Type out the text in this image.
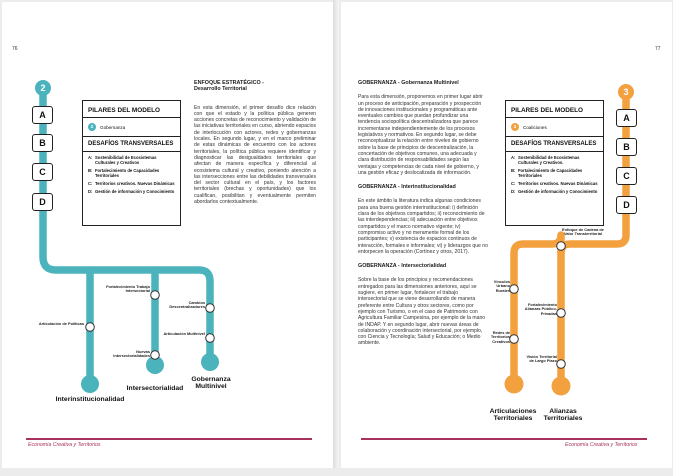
76
2
A
B
C
D
PILARES DEL MODELO
2	Gobernanza
DESAFÍOS TRANSVERSALES
A: Sostenibilidad de Ecosistemas Culturales y Creativos
B: Fortalecimiento de Capacidades Territoriales
C: Territorios creativos. Nuevas Dinámicas
D: Gestión de información y Conocimiento
Articulación de Políticas
Fortalecimiento Trabajo Intersectorial
Cambios Descentralizadores
Articulación Multinivel
Nuevas Intersectorialidades
Interinstitucionalidad
Intersectorialidad
Gobernanza Multinivel
ENFOQUE ESTRATÉGICO -
Desarrollo Territorial

En esta dimensión, el primer desafío dice relación con que el estado y la política pública generen acciones concretas de reconocimiento y validación de las iniciativas territoriales en curso, abriendo espacios de interlocución con actores, redes y gobernanzas locales. En segundo lugar, y en el marco preliminar de estas dinámicas de encuentro con los actores territoriales, la política pública requiere identificar y diagnosticar las desigualdades territoriales que afectan de manera específica y diferencial al ecosistema cultural y creativo, poniendo atención a las intersecciones entre las debilidades transversales del sector cultural en el país, y los factores territoriales (brechas y oportunidades) que los cualifican, posibilitan y eventualmente permiten abordarlos contextualmente.

Economía Creativa y Territorios
77
3
A
B
C
D
PILARES DEL MODELO
3	Coaliciones
DESAFÍOS TRANSVERSALES
A: Sostenibilidad de Ecosistemas Culturales y Creativos.
B: Fortalecimiento de Capacidades Territoriales
C: Territorios creativos. Nuevas Dinámicas
D: Gestión de información y Conocimiento
Enfoque de Cadena de Valor Transterritorial
Vínculos Urbano Rurales
Fortalecimiento Alianzas Público-Privadas
Redes de Territorios Creativos
Visión Territorial de Largo Plazo
Articulaciones Territoriales
Alianzas Territoriales
GOBERNANZA - Gobernanza Multinivel

Para esta dimensión, proponemos en primer lugar abrir un proceso de anticipación, preparación y prospección de innovaciones institucionales y programáticas ante eventuales cambios que puedan profundizar una tendencia sociopolítica descentralizadora que parece incrementarse independientemente de los procesos legislativos y normativos. En segundo lugar, se debe reconceptualizar la relación entre niveles de gobierno sobre la base de principios de descentralización, la concertación de objetivos comunes, una adecuada y clara distribución de responsabilidades según las ventajas y competencias de cada nivel de gobierno, y una gestión eficaz y deslocalizada de información.

GOBERNANZA - Interinstitucionalidad

En este ámbito la literatura indica algunas condiciones para una buena gestión interinstitucional: i) definición clara de los objetivos compartidos; ii) reconocimiento de las interdependencias; iii) adecuación entre objetivos compartidos y el marco normativo vigente; iv) compromiso activo y no meramente formal de los participantes; v) existencia de espacios continuos de interacción, formales e informales; vi) y liderazgos que no entorpecen la operación (Cortínez y otros, 2017).

GOBERNANZA - Intersectorialidad

Sobre la base de los principios y recomendaciones entregados para las dimensiones anteriores, aquí se sugiere, en primer lugar, fortalecer el trabajo intersectorial que se viene desarrollando de manera preferente entre Cultura y otros sectores, como por ejemplo con Turismo, o en el caso de Patrimonio con Agricultura Familiar Campesina, por ejemplo de la mano de INDAP. Y en segundo lugar, abrir nuevas áreas de colaboración y coordinación intersectorial, por ejemplo, con Ciencia y Tecnología; Salud y Educación; o Medio ambiente.

Economía Creativa y Territorios
